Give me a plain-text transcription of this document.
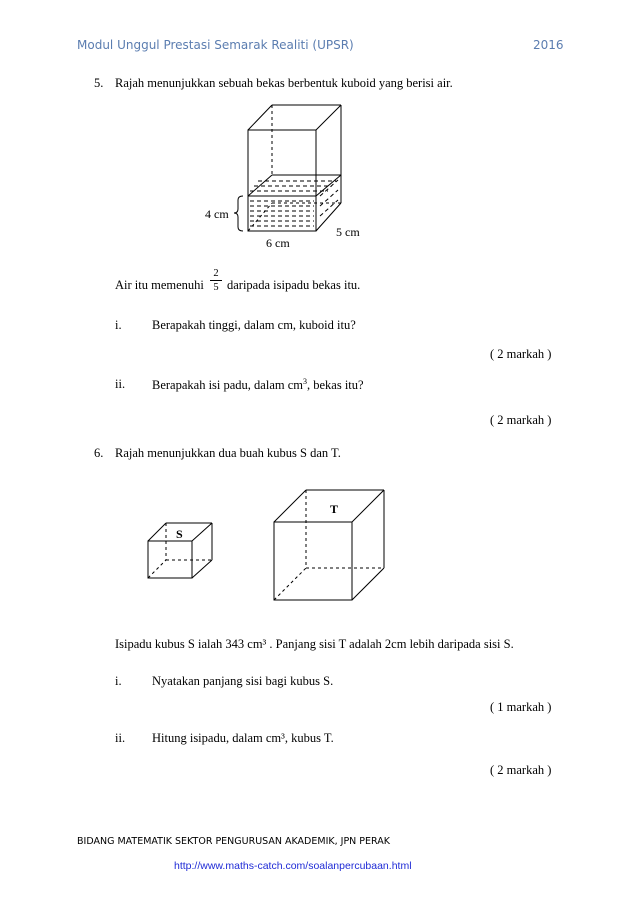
Modul Unggul Prestasi Semarak Realiti (UPSR)	2016
5. Rajah menunjukkan sebuah bekas berbentuk kuboid yang berisi air.
4 cm
6 cm
5 cm
Air itu memenuhi
2
5 daripada isipadu bekas itu.
i. Berapakah tinggi, dalam cm, kuboid itu?
( 2 markah )
ii. Berapakah isi padu, dalam $cm^3$, bekas itu?
( 2 markah )
6. Rajah menunjukkan dua buah kubus S dan T.
S
T
Isipadu kubus S ialah 343 cm³ . Panjang sisi T adalah 2cm lebih daripada sisi S.
i. Nyatakan panjang sisi bagi kubus S.
( 1 markah )
ii. Hitung isipadu, dalam cm³, kubus T.
( 2 markah )
BIDANG MATEMATIK SEKTOR PENGURUSAN AKADEMIK, JPN PERAK
http://www.maths-catch.com/soalanpercubaan.html
